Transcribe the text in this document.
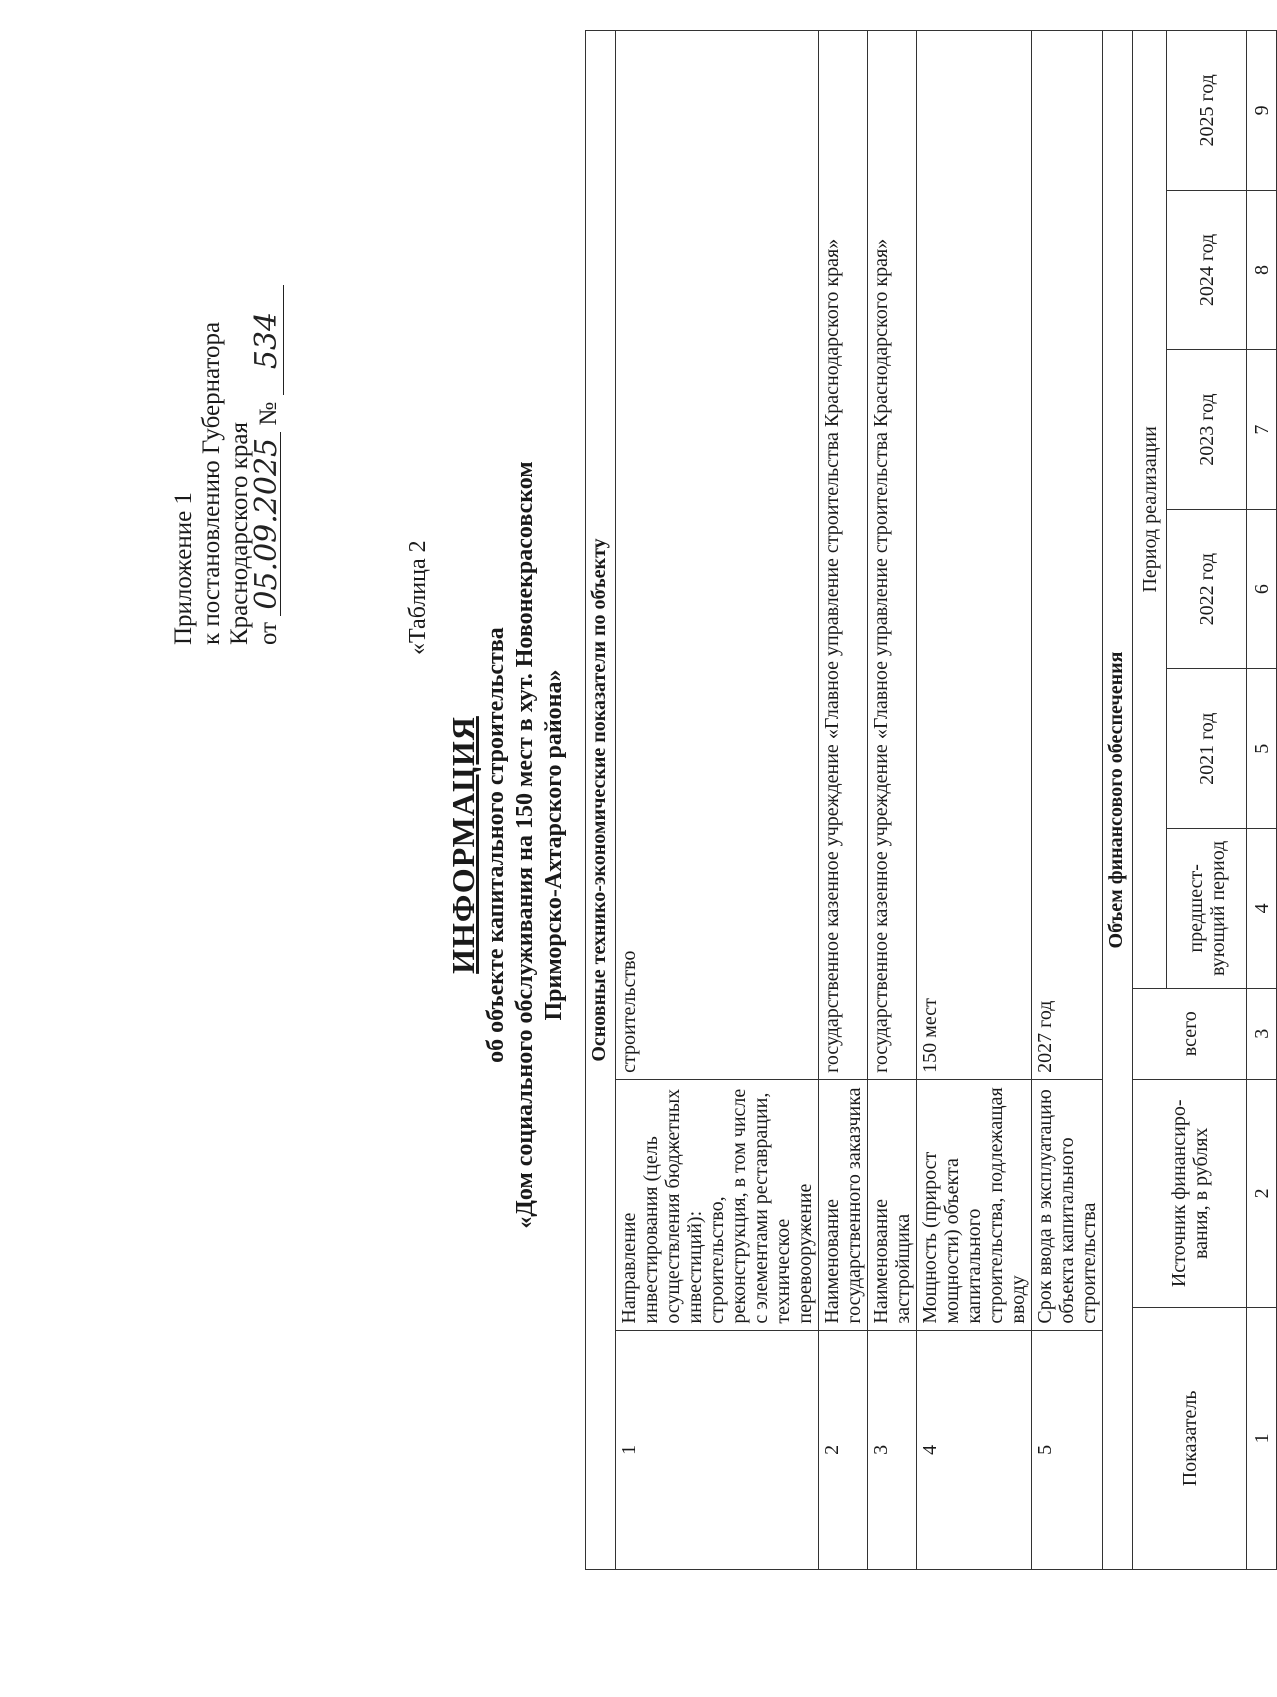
Приложение 1 к постановлению Губернатора Краснодарского края от 05.09.2025 № 534
«Таблица 2
ИНФОРМАЦИЯ об объекте капитального строительства «Дом социального обслуживания на 150 мест в хут. Новонекрасовском Приморско-Ахтарского района» Основные технико-экономические показатели по объекту									
1	Направление инвестирования (цель осуществления бюджетных инвестиций): строительство, реконструкция, в том числе с элементами реставрации, техническое перевооружение		строительство						
2	Наименование государственного заказчика		государственное казенное учреждение «Главное управление строительства Краснодарского края»						
3	Наименование застройщика		государственное казенное учреждение «Главное управление строительства Краснодарского края»						
4	Мощность (прирост мощности) объекта капитального строительства, подлежащая вводу		150 мест						
5	Срок ввода в эксплуатацию объекта капитального строительства		2027 год						
Объем финансового обеспечения									
Показатель		Источник финансиро-вания, в рублях	всего	Период реализации					
				предшест-вующий период	2021 год	2022 год	2023 год	2024 год	2025 год
1		2	3	4	5	6	7	8	9
